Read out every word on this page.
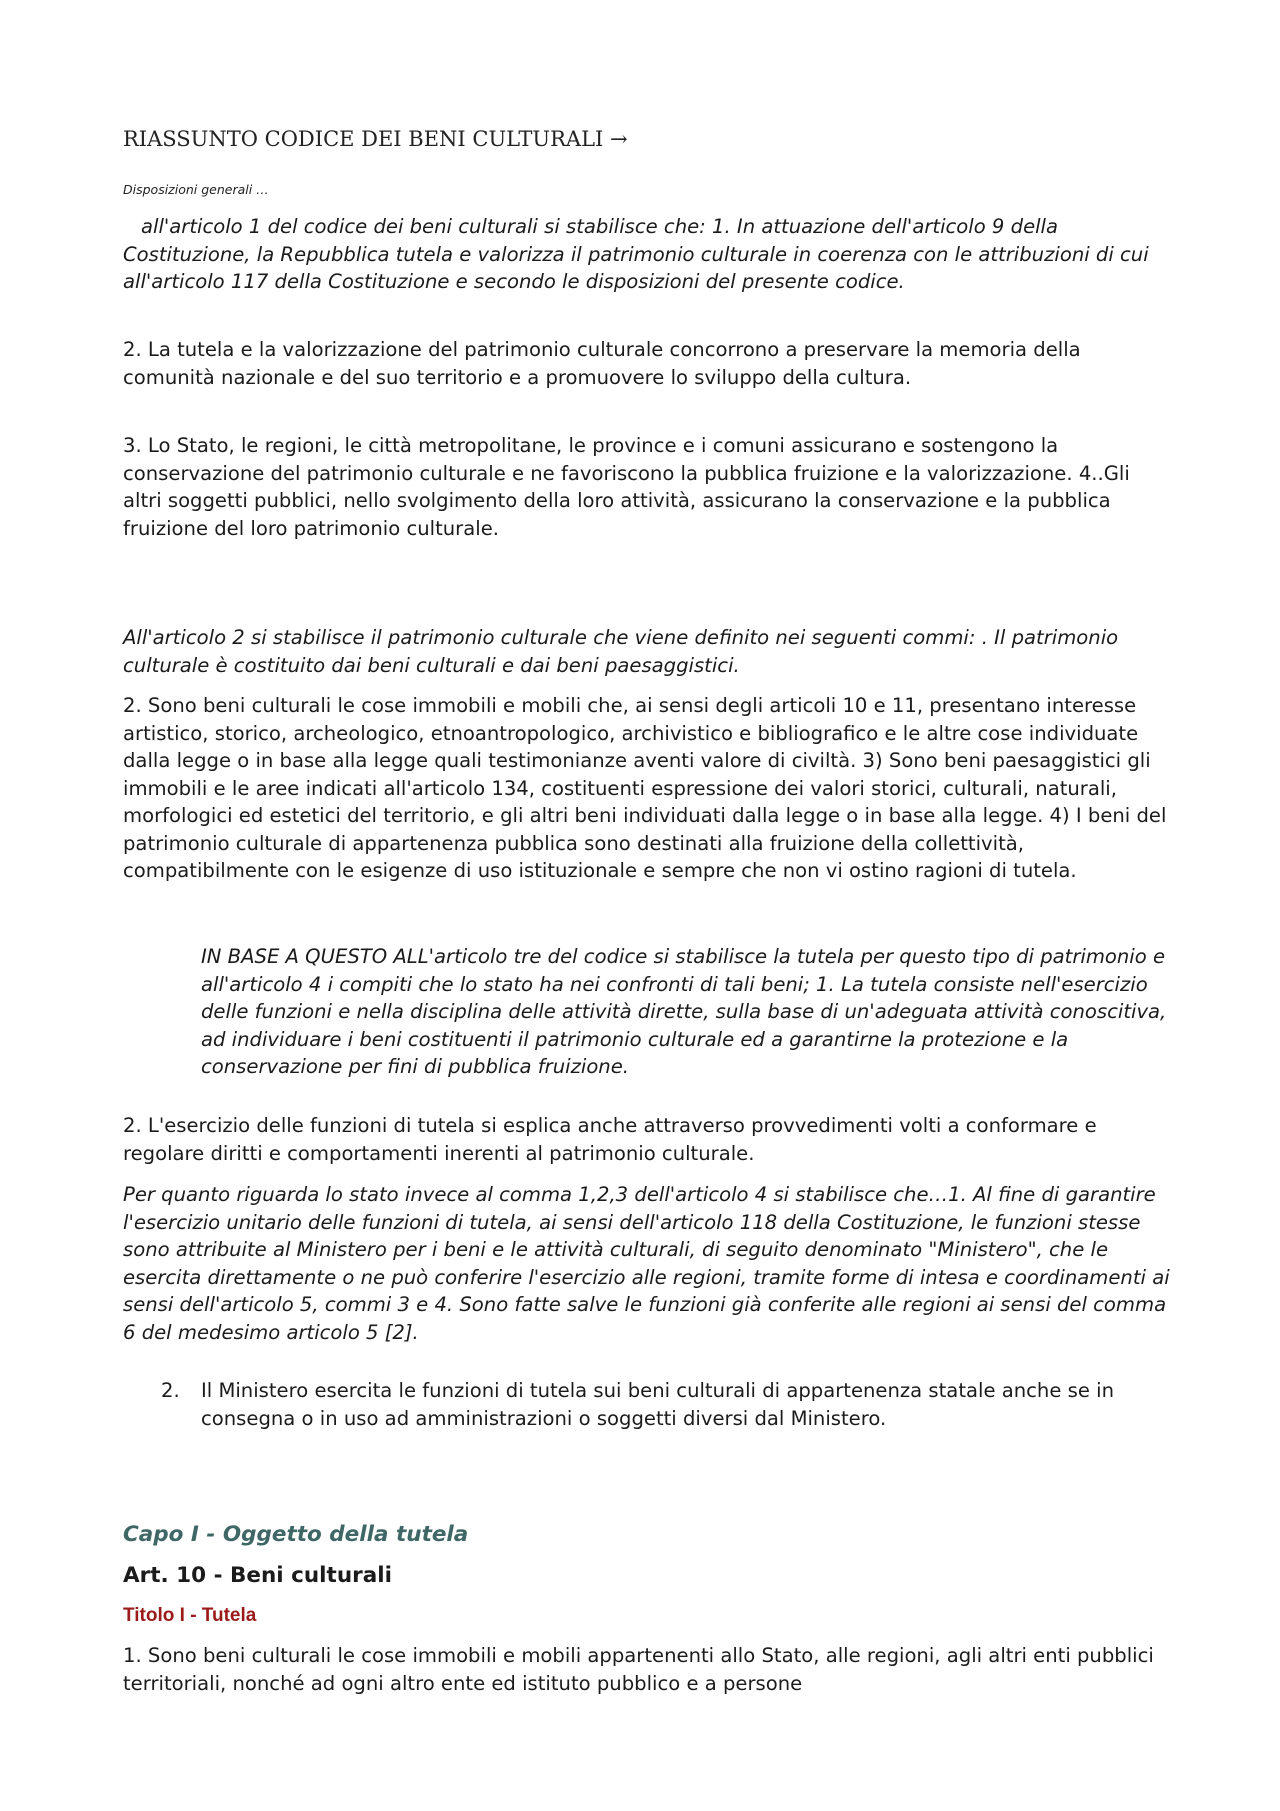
RIASSUNTO CODICE DEI BENI CULTURALI →

Disposizioni generali …

all'articolo 1 del codice dei beni culturali si stabilisce che: 1. In attuazione dell'articolo 9 della Costituzione, la Repubblica tutela e valorizza il patrimonio culturale in coerenza con le attribuzioni di cui all'articolo 117 della Costituzione e secondo le disposizioni del presente codice.

2. La tutela e la valorizzazione del patrimonio culturale concorrono a preservare la memoria della comunità nazionale e del suo territorio e a promuovere lo sviluppo della cultura.

3. Lo Stato, le regioni, le città metropolitane, le province e i comuni assicurano e sostengono la conservazione del patrimonio culturale e ne favoriscono la pubblica fruizione e la valorizzazione. 4..Gli altri soggetti pubblici, nello svolgimento della loro attività, assicurano la conservazione e la pubblica fruizione del loro patrimonio culturale.

All'articolo 2 si stabilisce il patrimonio culturale che viene definito nei seguenti commi: . Il patrimonio culturale è costituito dai beni culturali e dai beni paesaggistici.

2. Sono beni culturali le cose immobili e mobili che, ai sensi degli articoli 10 e 11, presentano interesse artistico, storico, archeologico, etnoantropologico, archivistico e bibliografico e le altre cose individuate dalla legge o in base alla legge quali testimonianze aventi valore di civiltà. 3) Sono beni paesaggistici gli immobili e le aree indicati all'articolo 134, costituenti espressione dei valori storici, culturali, naturali, morfologici ed estetici del territorio, e gli altri beni individuati dalla legge o in base alla legge. 4) I beni del patrimonio culturale di appartenenza pubblica sono destinati alla fruizione della collettività, compatibilmente con le esigenze di uso istituzionale e sempre che non vi ostino ragioni di tutela.

IN BASE A QUESTO ALL'articolo tre del codice si stabilisce la tutela per questo tipo di patrimonio e all'articolo 4 i compiti che lo stato ha nei confronti di tali beni; 1. La tutela consiste nell'esercizio delle funzioni e nella disciplina delle attività dirette, sulla base di un'adeguata attività conoscitiva, ad individuare i beni costituenti il patrimonio culturale ed a garantirne la protezione e la conservazione per fini di pubblica fruizione.

2. L'esercizio delle funzioni di tutela si esplica anche attraverso provvedimenti volti a conformare e regolare diritti e comportamenti inerenti al patrimonio culturale.

Per quanto riguarda lo stato invece al comma 1,2,3 dell'articolo 4 si stabilisce che…1. Al fine di garantire l'esercizio unitario delle funzioni di tutela, ai sensi dell'articolo 118 della Costituzione, le funzioni stesse sono attribuite al Ministero per i beni e le attività culturali, di seguito denominato "Ministero", che le esercita direttamente o ne può conferire l'esercizio alle regioni, tramite forme di intesa e coordinamenti ai sensi dell'articolo 5, commi 3 e 4. Sono fatte salve le funzioni già conferite alle regioni ai sensi del comma 6 del medesimo articolo 5 [2].

2.	Il Ministero esercita le funzioni di tutela sui beni culturali di appartenenza statale anche se in consegna o in uso ad amministrazioni o soggetti diversi dal Ministero.
Capo I - Oggetto della tutela
Art. 10 - Beni culturali
Titolo I - Tutela

1. Sono beni culturali le cose immobili e mobili appartenenti allo Stato, alle regioni, agli altri enti pubblici territoriali, nonché ad ogni altro ente ed istituto pubblico e a persone
